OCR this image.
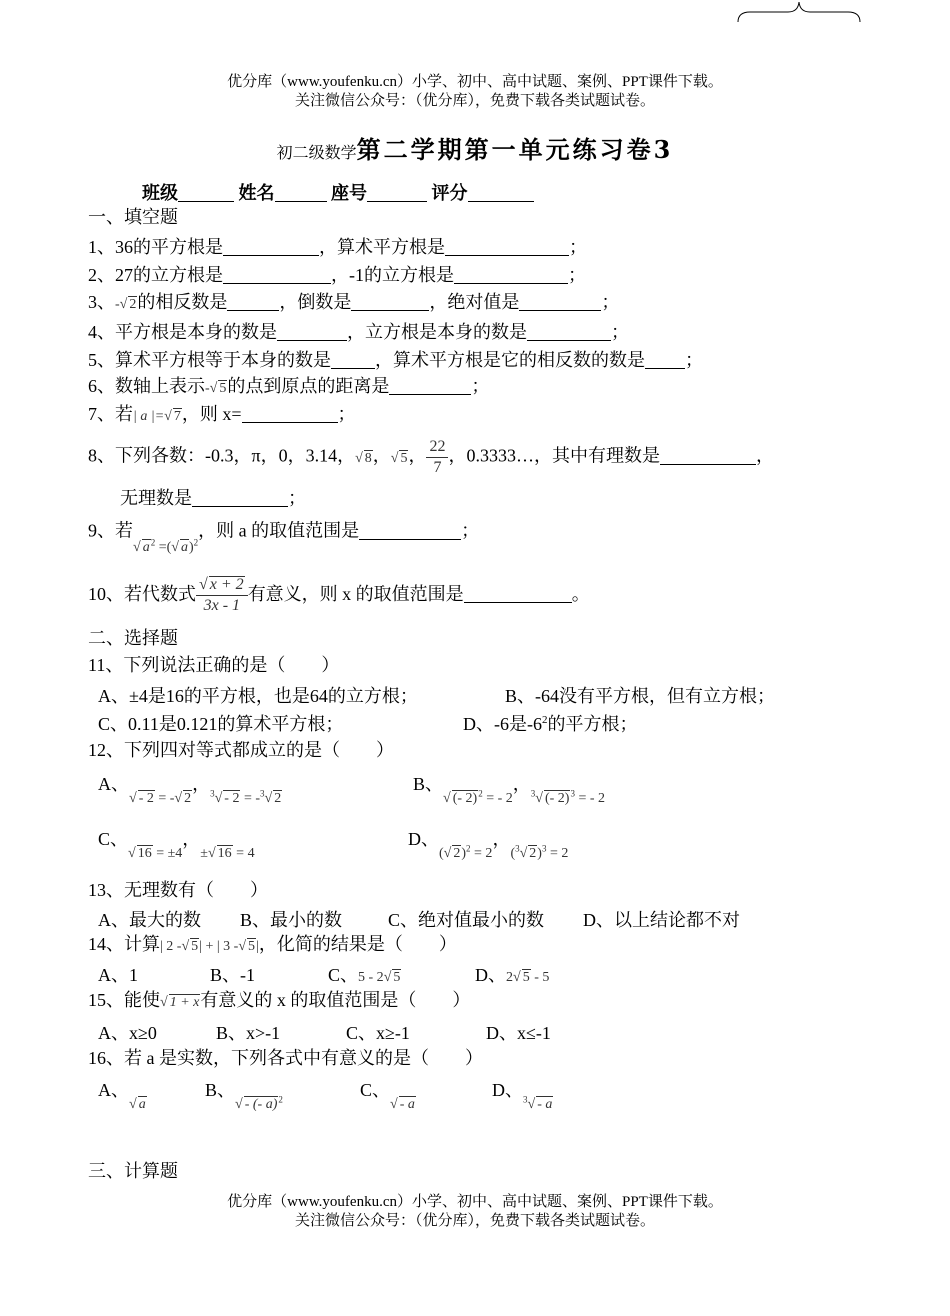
优分库（www.youfenku.cn）小学、初中、高中试题、案例、PPT课件下载。
关注微信公众号：（优分库），免费下载各类试题试卷。
初二级数学第二学期第一单元练习卷3
班级	姓名	座号	评分
一、填空题
1、36的平方根是	，算术平方根是	；
2、27的立方根是	，-1的立方根是	；
3、-√ 2的相反数是	，倒数是	，绝对值是	；
4、平方根是本身的数是	，立方根是本身的数是	；
5、算术平方根等于本身的数是 ，算术平方根是它的相反数的数是 ；
6、数轴上表示-√ 5的点到原点的距离是	；
7、若| a |=√ 7，则 x=	；
8、下列各数：-0.3，π，0，3.14，√ 8，√ 5， $\frac{22}{7}$ ，0.3333…，其中有理数是	，
无理数是	；
9、若$_{√ a^2 =(√ a)^2}$，则 a 的取值范围是	；
10、若代数式 $\frac{√ x + 2}{3x - 1}$ 有意义，则 x 的取值范围是	。
二、选择题
11、下列说法正确的是（　　）
A、±4是16的平方根，也是64的立方根；	B、-64没有平方根，但有立方根；
C、0.11是0.121的算术平方根；	D、-6是$-6^2$的平方根；
12、下列四对等式都成立的是（　　）
A、$_{√ - 2 = -√ 2}$，$_{^3√ - 2 = -^3√ 2}$
B、$_{√ (- 2)^2 = - 2}$，$_{^3√ (- 2)^3 = - 2}$
C、$_{√ 16 = \pm 4}$，$_{\pm√ 16 = 4}$
D、$_{(√ 2)^2 = 2}$，$_{(^3√ 2)^3 = 2}$
13、无理数有（　　）
A、最大的数 B、最小的数	C、绝对值最小的数 D、以上结论都不对
14、计算| 2 -√ 5| + | 3 -√ 5|，化简的结果是（　　）
A、1	B、-1	C、5 - 2√ 5	D、2√ 5 - 5
15、能使√ 1 + x有意义的 x 的取值范围是（　　）
A、x≥0	B、x>-1	C、x≥-1	D、x≤-1
16、若 a 是实数，下列各式中有意义的是（　　）
A、$_{√ a}$
B、$_{√ - (- a)^2}$	C、$_{√ - a}$
D、$_{^3√ - a}$
三、计算题
优分库（www.youfenku.cn）小学、初中、高中试题、案例、PPT课件下载。
关注微信公众号：（优分库），免费下载各类试题试卷。
